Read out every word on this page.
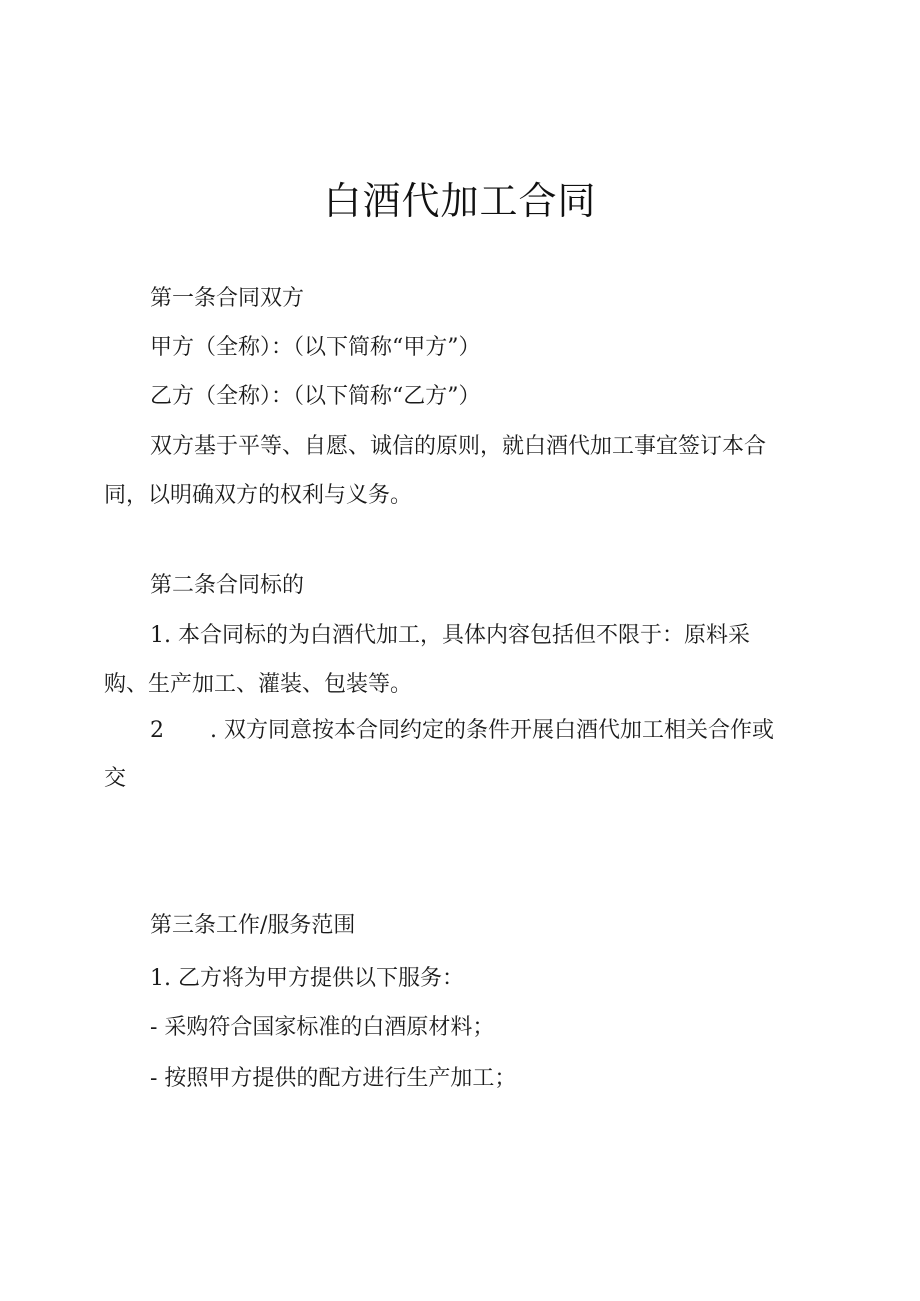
白酒代加工合同

第一条合同双方

甲方（全称）：（以下简称“甲方”）

乙方（全称）：（以下简称“乙方”）

双方基于平等、自愿、诚信的原则，就白酒代加工事宜签订本合

同，以明确双方的权利与义务。

第二条合同标的

1. 本合同标的为白酒代加工，具体内容包括但不限于：原料采

购、生产加工、灌装、包装等。

2 . 双方同意按本合同约定的条件开展白酒代加工相关合作或

交

第三条工作/服务范围

1. 乙方将为甲方提供以下服务：

- 采购符合国家标准的白酒原材料；

- 按照甲方提供的配方进行生产加工；
